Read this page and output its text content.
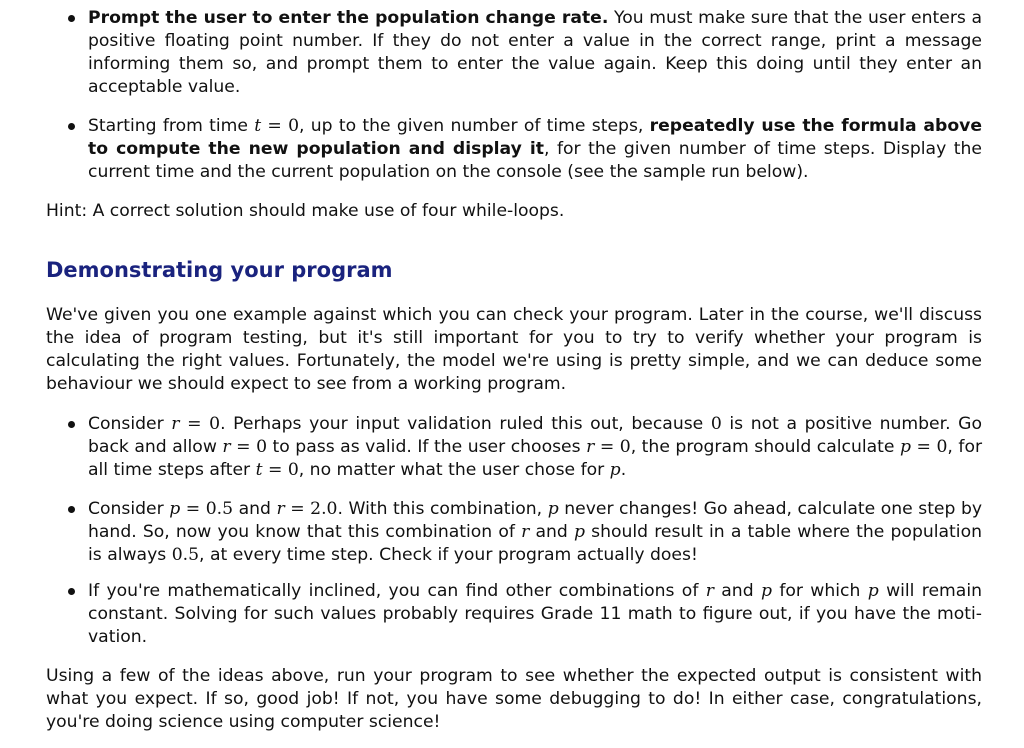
Prompt the user to enter the population change rate. You must make sure that the user enters a positive floating point number. If they do not enter a value in the correct range, print a message informing them so, and prompt them to enter the value again. Keep this doing until they enter an acceptable value.
Starting from time t = 0, up to the given number of time steps, repeatedly use the formula above to compute the new population and display it, for the given number of time steps. Display the current time and the current population on the console (see the sample run below).

Hint: A correct solution should make use of four while-loops.

Demonstrating your program

We've given you one example against which you can check your program. Later in the course, we'll discuss the idea of program testing, but it's still important for you to try to verify whether your program is calculating the right values. Fortunately, the model we're using is pretty simple, and we can deduce some behaviour we should expect to see from a working program.

Consider r = 0. Perhaps your input validation ruled this out, because 0 is not a positive number. Go back and allow r = 0 to pass as valid. If the user chooses r = 0, the program should calculate p = 0, for all time steps after t = 0, no matter what the user chose for p.
Consider p = 0.5 and r = 2.0. With this combination, p never changes! Go ahead, calculate one step by hand. So, now you know that this combination of r and p should result in a table where the population is always 0.5, at every time step. Check if your program actually does!
If you're mathematically inclined, you can find other combinations of r and p for which p will remain constant. Solving for such values probably requires Grade 11 math to figure out, if you have the moti-vation.

Using a few of the ideas above, run your program to see whether the expected output is consistent with what you expect. If so, good job! If not, you have some debugging to do! In either case, congratulations, you're doing science using computer science!
